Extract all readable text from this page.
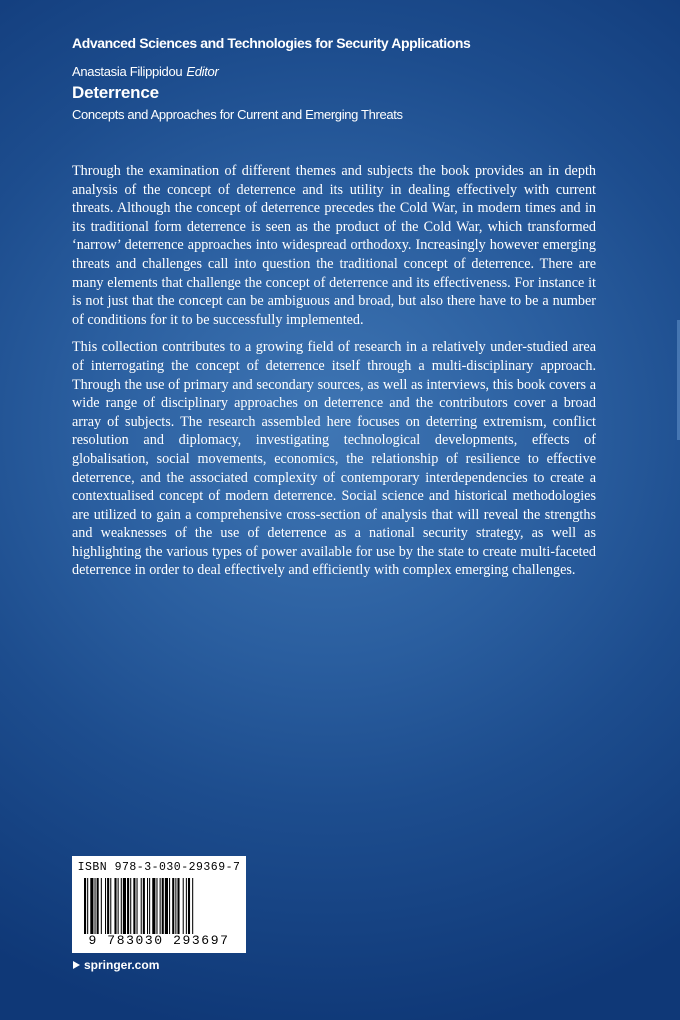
Advanced Sciences and Technologies for Security Applications
Anastasia Filippidou Editor
Deterrence
Concepts and Approaches for Current and Emerging Threats

Through the examination of different themes and subjects the book provides an in depth analysis of the concept of deterrence and its utility in dealing effectively with current threats. Although the concept of deterrence precedes the Cold War, in modern times and in its traditional form deterrence is seen as the product of the Cold War, which transformed ‘narrow’ deterrence approaches into widespread orthodoxy. Increasingly however emerging threats and challenges call into question the traditional concept of deterrence. There are many elements that challenge the concept of deterrence and its effectiveness. For instance it is not just that the concept can be ambiguous and broad, but also there have to be a number of conditions for it to be successfully implemented.

This collection contributes to a growing field of research in a relatively under-studied area of interrogating the concept of deterrence itself through a multi-disciplinary approach. Through the use of primary and secondary sources, as well as interviews, this book covers a wide range of disciplinary approaches on deterrence and the contributors cover a broad array of subjects. The research assembled here focuses on deterring extremism, conflict resolution and diplomacy, investigating technological developments, effects of globalisation, social movements, economics, the relationship of resilience to effective deterrence, and the associated complexity of contemporary interdependencies to create a contextualised concept of modern deterrence. Social science and historical methodologies are utilized to gain a comprehensive cross-section of analysis that will reveal the strengths and weaknesses of the use of deterrence as a national security strategy, as well as highlighting the various types of power available for use by the state to create multi-faceted deterrence in order to deal effectively and efficiently with complex emerging challenges.

ISBN 978-3-030-29369-7
9 783030 293697
springer.com
